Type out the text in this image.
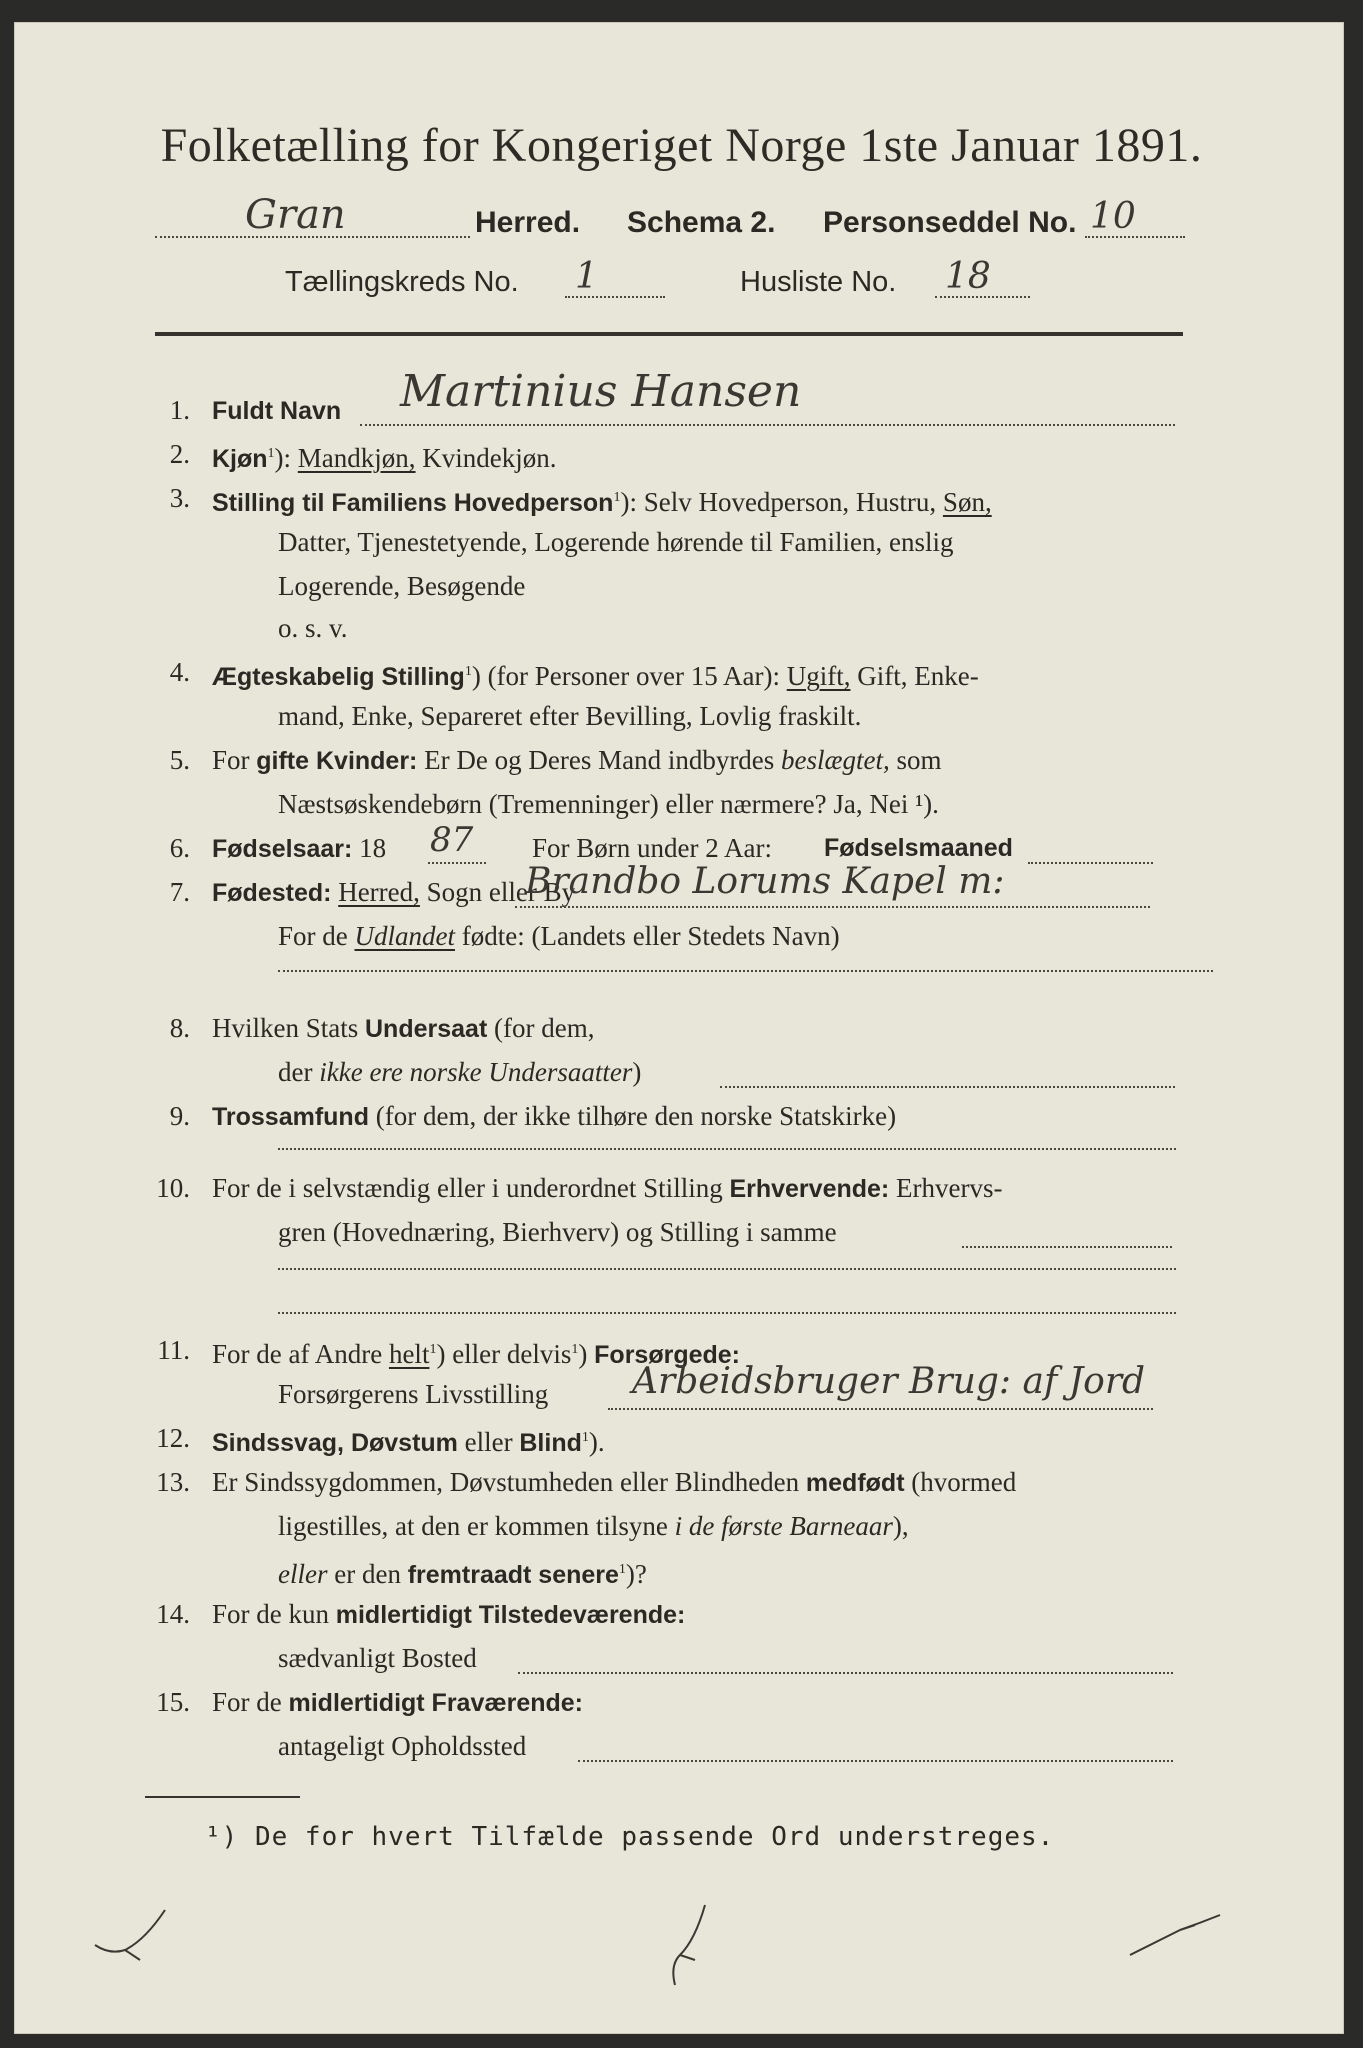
Folketælling for Kongeriget Norge 1ste Januar 1891.
Gran	Herred. Schema 2. Personseddel No. 10
Tællingskreds No. 1	Husliste No. 18
1. Fuldt Navn	Martinius Hansen
2. Kjøn$^1$): Mandkjøn, Kvindekjøn.
3. Stilling til Familiens Hovedperson$^1$): Selv Hovedperson, Hustru, Søn,
Datter, Tjenestetyende, Logerende hørende til Familien, enslig
Logerende, Besøgende
o. s. v.
4. Ægteskabelig Stilling$^1$) (for Personer over 15 Aar): Ugift, Gift, Enke-
mand, Enke, Separeret efter Bevilling, Lovlig fraskilt.
5. For gifte Kvinder: Er De og Deres Mand indbyrdes beslægtet, som
Næstsøskendebørn (Tremenninger) eller nærmere? Ja, Nei ¹).
6. Fødselsaar: 18	87 For Børn under 2 Aar: Fødselsmaaned
7. Fødested: Herred, Sogn eller By
Brandbo Lorums Kapel m:
For de Udlandet fødte: (Landets eller Stedets Navn)
8. Hvilken Stats Undersaat (for dem,
der ikke ere norske Undersaatter)
9. Trossamfund (for dem, der ikke tilhøre den norske Statskirke)
10. For de i selvstændig eller i underordnet Stilling Erhvervende: Erhvervs-
gren (Hovednæring, Bierhverv) og Stilling i samme
11. For de af Andre helt$^1$) eller delvis$^1$) Forsørgede:
Forsørgerens Livsstilling	Arbeidsbruger Brug: af Jord
12. Sindssvag, Døvstum eller Blind$^1$).
13. Er Sindssygdommen, Døvstumheden eller Blindheden medfødt (hvormed
ligestilles, at den er kommen tilsyne i de første Barneaar),
eller er den fremtraadt senere$^1$)?
14. For de kun midlertidigt Tilstedeværende:
sædvanligt Bosted
15. For de midlertidigt Fraværende:
antageligt Opholdssted
¹) De for hvert Tilfælde passende Ord understreges.
